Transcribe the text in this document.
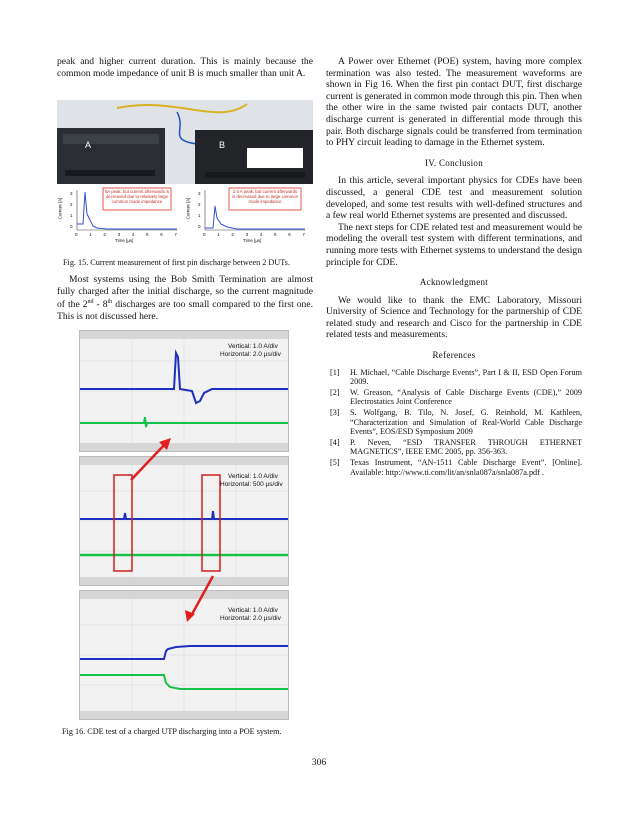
peak and higher current duration. This is mainly because the common mode impedance of unit B is much smaller than unit A.

A	B
5A peak, but current afterwards is decreased due to relatively large common mode impedance
2.6 A peak, but current afterwards is decreased due to large common mode impedance
Current [A]	Current [A]
3
2
1
0
3
2
1
0
0	1	2	3	4	5	6	7	0	1	2	3	4	5	6	7
Time [µs]	Time [µs]

Fig. 15. Current measurement of first pin discharge between 2 DUTs.

Most systems using the Bob Smith Termination are almost fully charged after the initial discharge, so the current magnitude of the 2nd - 8th discharges are too small compared to the first one. This is not discussed here.

Vertical: 1.0 A/div
Horizontal: 2.0 µs/div
Vertical: 1.0 A/div
Horizontal: 500 µs/div
Vertical: 1.0 A/div
Horizontal: 2.0 µs/div
Fig 16. CDE test of a charged UTP discharging into a POE system.

A Power over Ethernet (POE) system, having more complex termination was also tested. The measurement waveforms are shown in Fig 16. When the first pin contact DUT, first discharge current is generated in common mode through this pin. Then when the other wire in the same twisted pair contacts DUT, another discharge current is generated in differential mode through this pair. Both discharge signals could be transferred from termination to PHY circuit leading to damage in the Ethernet system.

IV. Conclusion

In this article, several important physics for CDEs have been discussed, a general CDE test and measurement solution developed, and some test results with well-defined structures and a few real world Ethernet systems are presented and discussed.

The next steps for CDE related test and measurement would be modeling the overall test system with different terminations, and running more tests with Ethernet systems to understand the design principle for CDE.

Acknowledgment

We would like to thank the EMC Laboratory, Missouri University of Science and Technology for the partnership of CDE related study and research and Cisco for the partnership in CDE related tests and measurements.

References
[1]	H. Michael, “Cable Discharge Events”, Part I & II, ESD Open Forum 2009.
[2]	W. Greason, “Analysis of Cable Discharge Events (CDE),” 2009 Electrostatics Joint Conference
[3]	S. Wolfgang, B. Tilo, N. Josef, G. Reinhold, M. Kathleen, “Characterization and Simulation of Real-World Cable Discharge Events”, EOS/ESD Symposium 2009
[4]	P. Neven, “ESD TRANSFER THROUGH ETHERNET MAGNETICS”, IEEE EMC 2005, pp. 356-363.
[5]	Texas Instrument, “AN-1511 Cable Discharge Event”. [Online]. Available: http://www.ti.com/lit/an/snla087a/snla087a.pdf .
306
